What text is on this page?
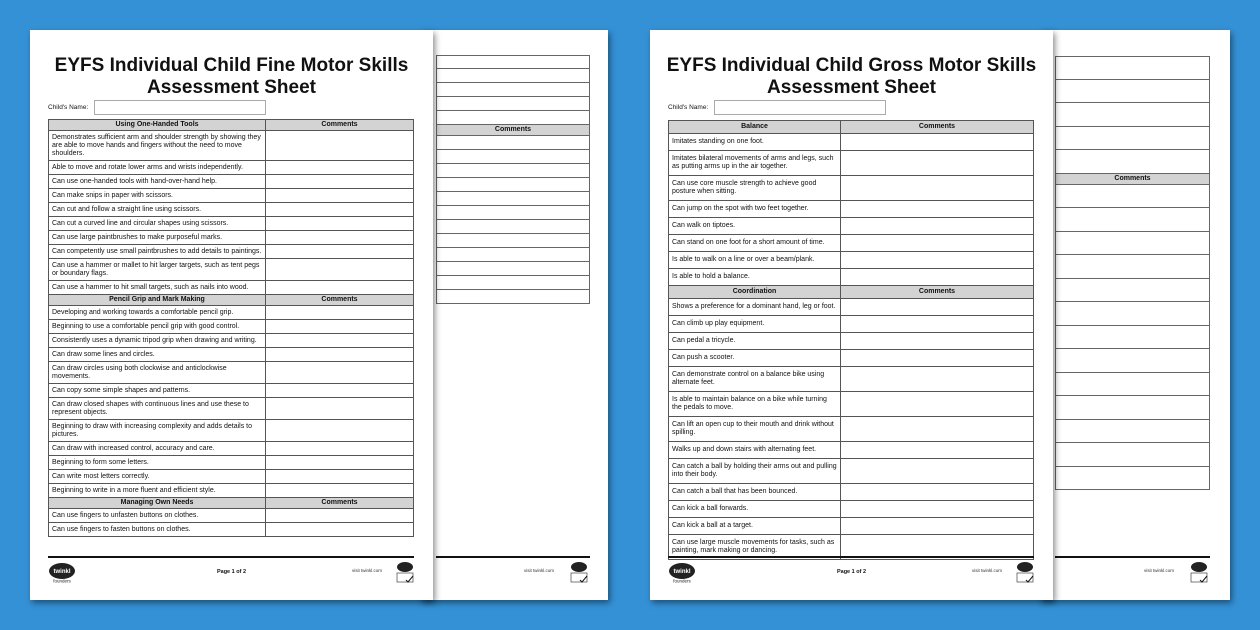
Comments
visit twinkl.com
EYFS Individual Child Fine Motor Skills
Assessment Sheet
Child's Name:
Using One-Handed Tools	Comments
Demonstrates sufficient arm and shoulder strength by showing they are able to move hands and fingers without the need to move shoulders.	
Able to move and rotate lower arms and wrists independently.	
Can use one-handed tools with hand-over-hand help.	
Can make snips in paper with scissors.	
Can cut and follow a straight line using scissors.	
Can cut a curved line and circular shapes using scissors.	
Can use large paintbrushes to make purposeful marks.	
Can competently use small paintbrushes to add details to paintings.	
Can use a hammer or mallet to hit larger targets, such as tent pegs or boundary flags.	
Can use a hammer to hit small targets, such as nails into wood.	
Pencil Grip and Mark Making	Comments
Developing and working towards a comfortable pencil grip.	
Beginning to use a comfortable pencil grip with good control.	
Consistently uses a dynamic tripod grip when drawing and writing.	
Can draw some lines and circles.	
Can draw circles using both clockwise and anticlockwise movements.	
Can copy some simple shapes and patterns.	
Can draw closed shapes with continuous lines and use these to represent objects.	
Beginning to draw with increasing complexity and adds details to pictures.	
Can draw with increased control, accuracy and care.	
Beginning to form some letters.	
Can write most letters correctly.	
Beginning to write in a more fluent and efficient style.	
Managing Own Needs	Comments
Can use fingers to unfasten buttons on clothes.	
Can use fingers to fasten buttons on clothes.	
twinkl
founders
Page 1 of 2	visit twinkl.com
Comments
visit twinkl.com
EYFS Individual Child Gross Motor Skills
Assessment Sheet
Child's Name:
Balance	Comments
Imitates standing on one foot.	
Imitates bilateral movements of arms and legs, such as putting arms up in the air together.	
Can use core muscle strength to achieve good posture when sitting.	
Can jump on the spot with two feet together.	
Can walk on tiptoes.	
Can stand on one foot for a short amount of time.	
Is able to walk on a line or over a beam/plank.	
Is able to hold a balance.	
Coordination	Comments
Shows a preference for a dominant hand, leg or foot.	
Can climb up play equipment.	
Can pedal a tricycle.	
Can push a scooter.	
Can demonstrate control on a balance bike using alternate feet.	
Is able to maintain balance on a bike while turning the pedals to move.	
Can lift an open cup to their mouth and drink without spilling.	
Walks up and down stairs with alternating feet.	
Can catch a ball by holding their arms out and pulling into their body.	
Can catch a ball that has been bounced.	
Can kick a ball forwards.	
Can kick a ball at a target.	
Can use large muscle movements for tasks, such as painting, mark making or dancing.	
twinkl
founders
Page 1 of 2	visit twinkl.com
